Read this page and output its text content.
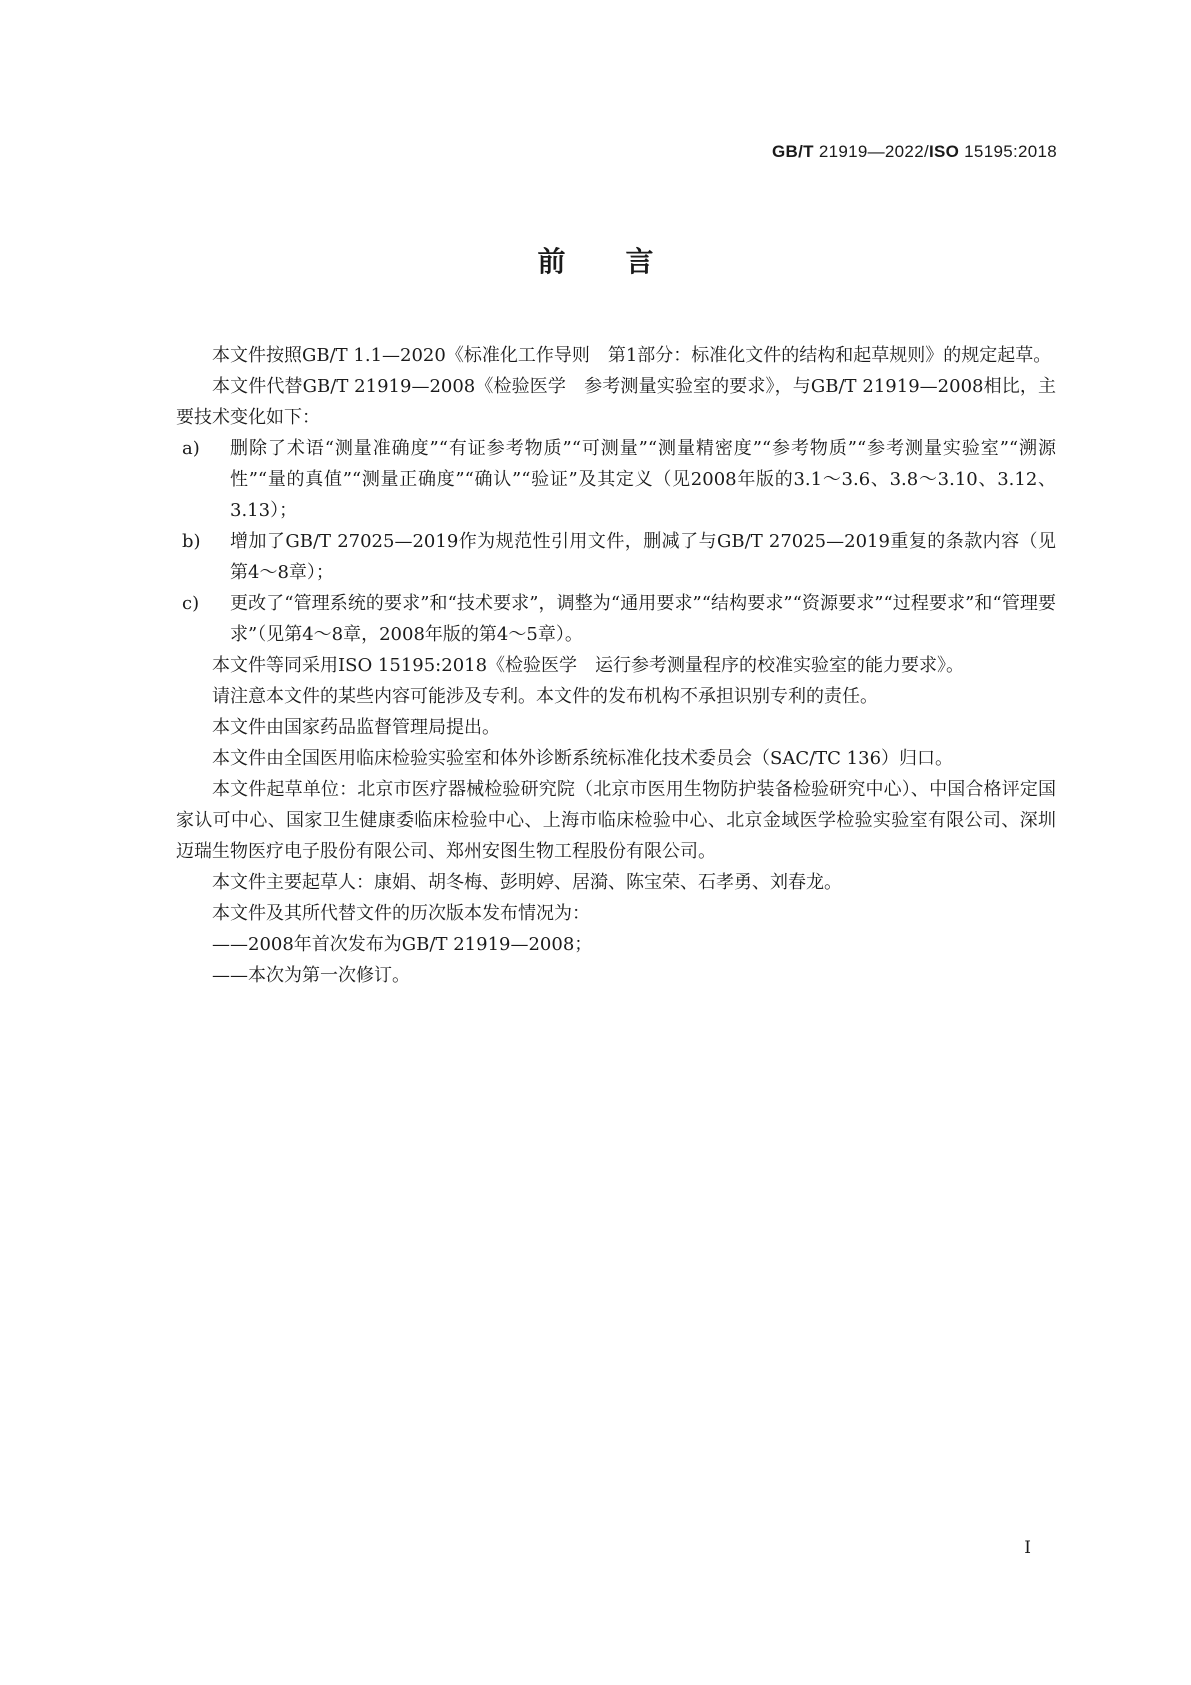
GB/T 21919—2022/ISO 15195:2018
前言

本文件按照GB/T 1.1—2020《标准化工作导则　第1部分：标准化文件的结构和起草规则》的规定起草。

本文件代替GB/T 21919—2008《检验医学　参考测量实验室的要求》，与GB/T 21919—2008相比，主要技术变化如下：

a) 删除了术语“测量准确度”“有证参考物质”“可测量”“测量精密度”“参考物质”“参考测量实验室”“溯源性”“量的真值”“测量正确度”“确认”“验证”及其定义（见2008年版的3.1～3.6、3.8～3.10、3.12、3.13）；

b) 增加了GB/T 27025—2019作为规范性引用文件，删减了与GB/T 27025—2019重复的条款内容（见第4～8章）；

c) 更改了“管理系统的要求”和“技术要求”，调整为“通用要求”“结构要求”“资源要求”“过程要求”和“管理要求”（见第4～8章，2008年版的第4～5章）。

本文件等同采用ISO 15195:2018《检验医学　运行参考测量程序的校准实验室的能力要求》。

请注意本文件的某些内容可能涉及专利。本文件的发布机构不承担识别专利的责任。

本文件由国家药品监督管理局提出。

本文件由全国医用临床检验实验室和体外诊断系统标准化技术委员会（SAC/TC 136）归口。

本文件起草单位：北京市医疗器械检验研究院（北京市医用生物防护装备检验研究中心）、中国合格评定国家认可中心、国家卫生健康委临床检验中心、上海市临床检验中心、北京金域医学检验实验室有限公司、深圳迈瑞生物医疗电子股份有限公司、郑州安图生物工程股份有限公司。

本文件主要起草人：康娟、胡冬梅、彭明婷、居漪、陈宝荣、石孝勇、刘春龙。

本文件及其所代替文件的历次版本发布情况为：

——2008年首次发布为GB/T 21919—2008；

——本次为第一次修订。

I
